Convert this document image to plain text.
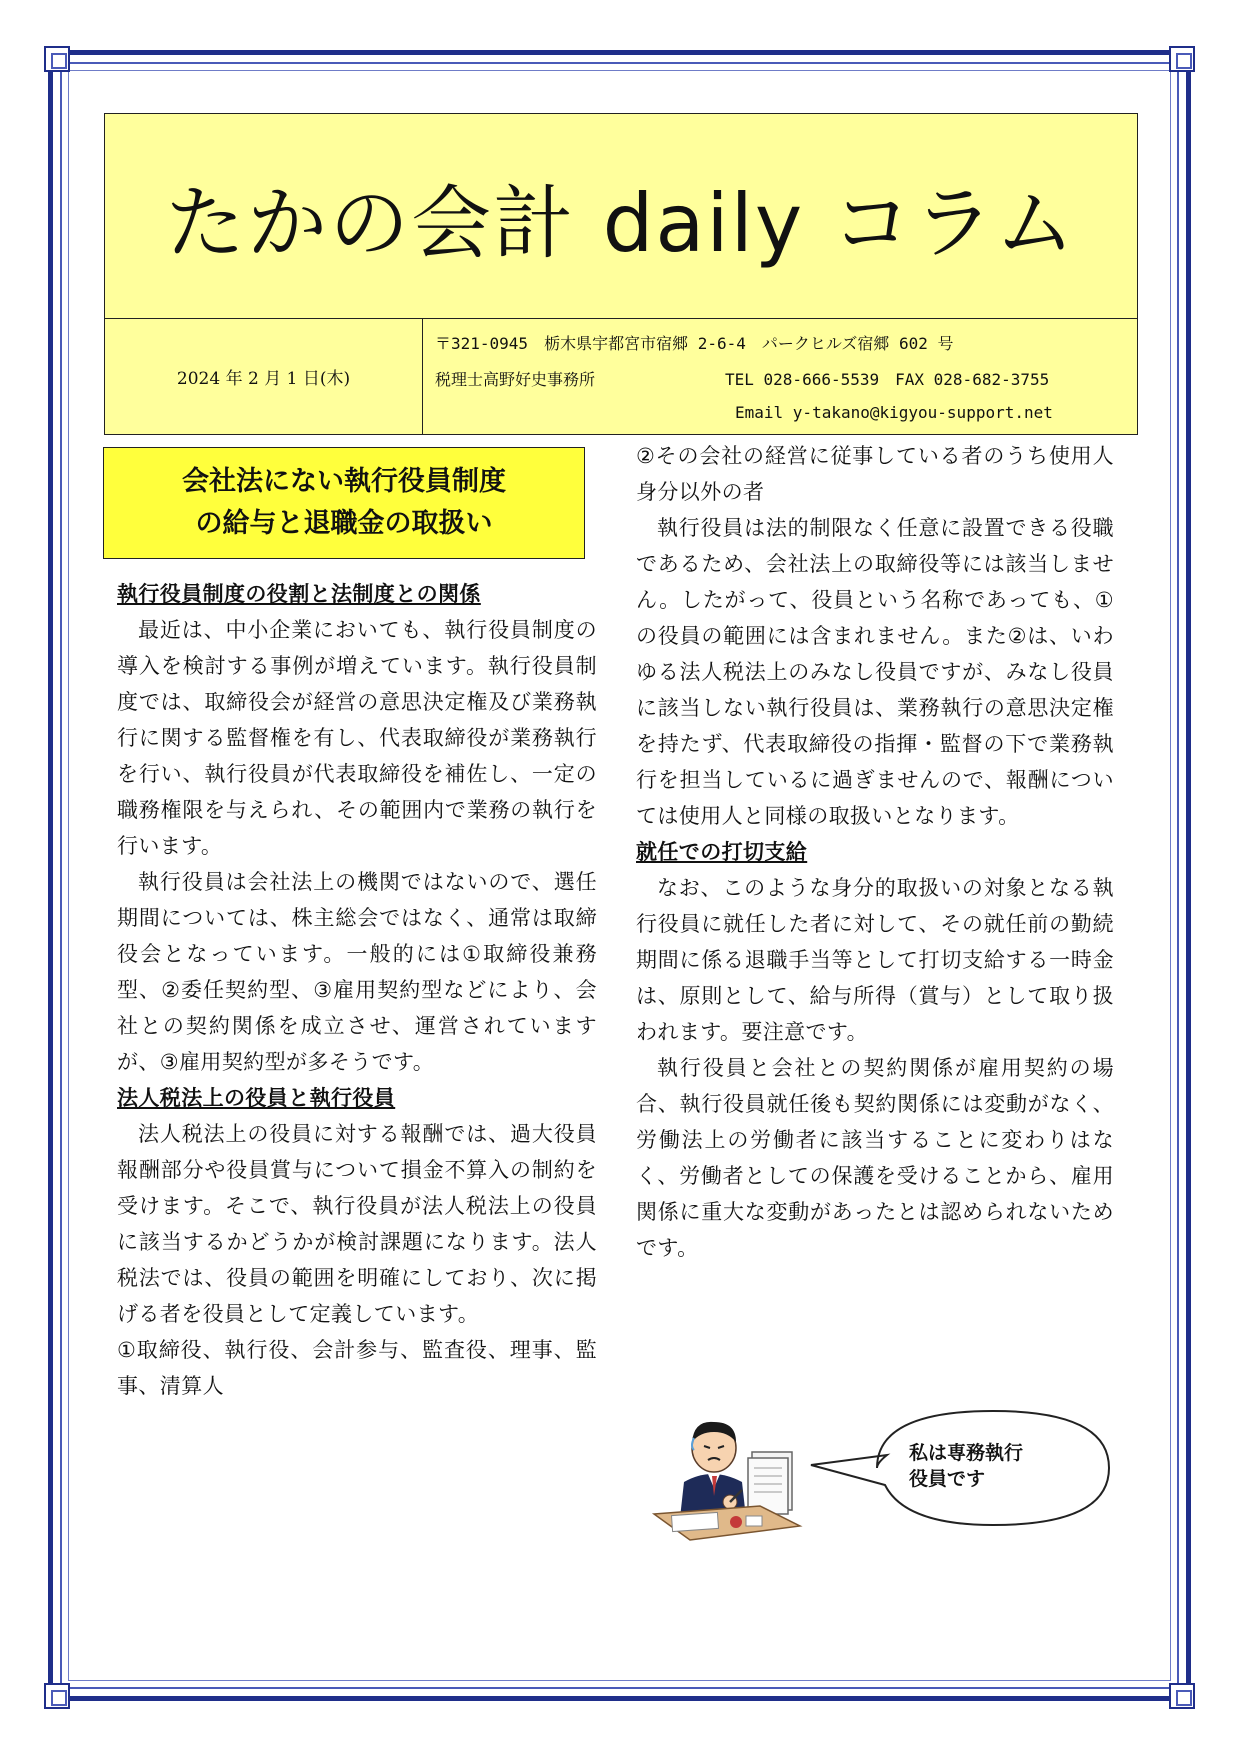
たかの会計 daily コラム
2024 年 2 月 1 日(木)
〒321-0945　栃木県宇都宮市宿郷 2-6-4　パークヒルズ宿郷 602 号
税理士高野好史事務所	TEL 028-666-5539　FAX 028-682-3755
Email y-takano@kigyou-support.net
会社法にない執行役員制度
の給与と退職金の取扱い

執行役員制度の役割と法制度との関係

最近は、中小企業においても、執行役員制度の導入を検討する事例が増えています。執行役員制度では、取締役会が経営の意思決定権及び業務執行に関する監督権を有し、代表取締役が業務執行を行い、執行役員が代表取締役を補佐し、一定の職務権限を与えられ、その範囲内で業務の執行を行います。

執行役員は会社法上の機関ではないので、選任期間については、株主総会ではなく、通常は取締役会となっています。一般的には①取締役兼務型、②委任契約型、③雇用契約型などにより、会社との契約関係を成立させ、運営されていますが、③雇用契約型が多そうです。

法人税法上の役員と執行役員

法人税法上の役員に対する報酬では、過大役員報酬部分や役員賞与について損金不算入の制約を受けます。そこで、執行役員が法人税法上の役員に該当するかどうかが検討課題になります。法人税法では、役員の範囲を明確にしており、次に掲げる者を役員として定義しています。

①取締役、執行役、会計参与、監査役、理事、監事、清算人

②その会社の経営に従事している者のうち使用人身分以外の者

執行役員は法的制限なく任意に設置できる役職であるため、会社法上の取締役等には該当しません。したがって、役員という名称であっても、①の役員の範囲には含まれません。また②は、いわゆる法人税法上のみなし役員ですが、みなし役員に該当しない執行役員は、業務執行の意思決定権を持たず、代表取締役の指揮・監督の下で業務執行を担当しているに過ぎませんので、報酬については使用人と同様の取扱いとなります。

就任での打切支給

なお、このような身分的取扱いの対象となる執行役員に就任した者に対して、その就任前の勤続期間に係る退職手当等として打切支給する一時金は、原則として、給与所得（賞与）として取り扱われます。要注意です。

執行役員と会社との契約関係が雇用契約の場合、執行役員就任後も契約関係には変動がなく、労働法上の労働者に該当することに変わりはなく、労働者としての保護を受けることから、雇用関係に重大な変動があったとは認められないためです。

私は専務執行
役員です
